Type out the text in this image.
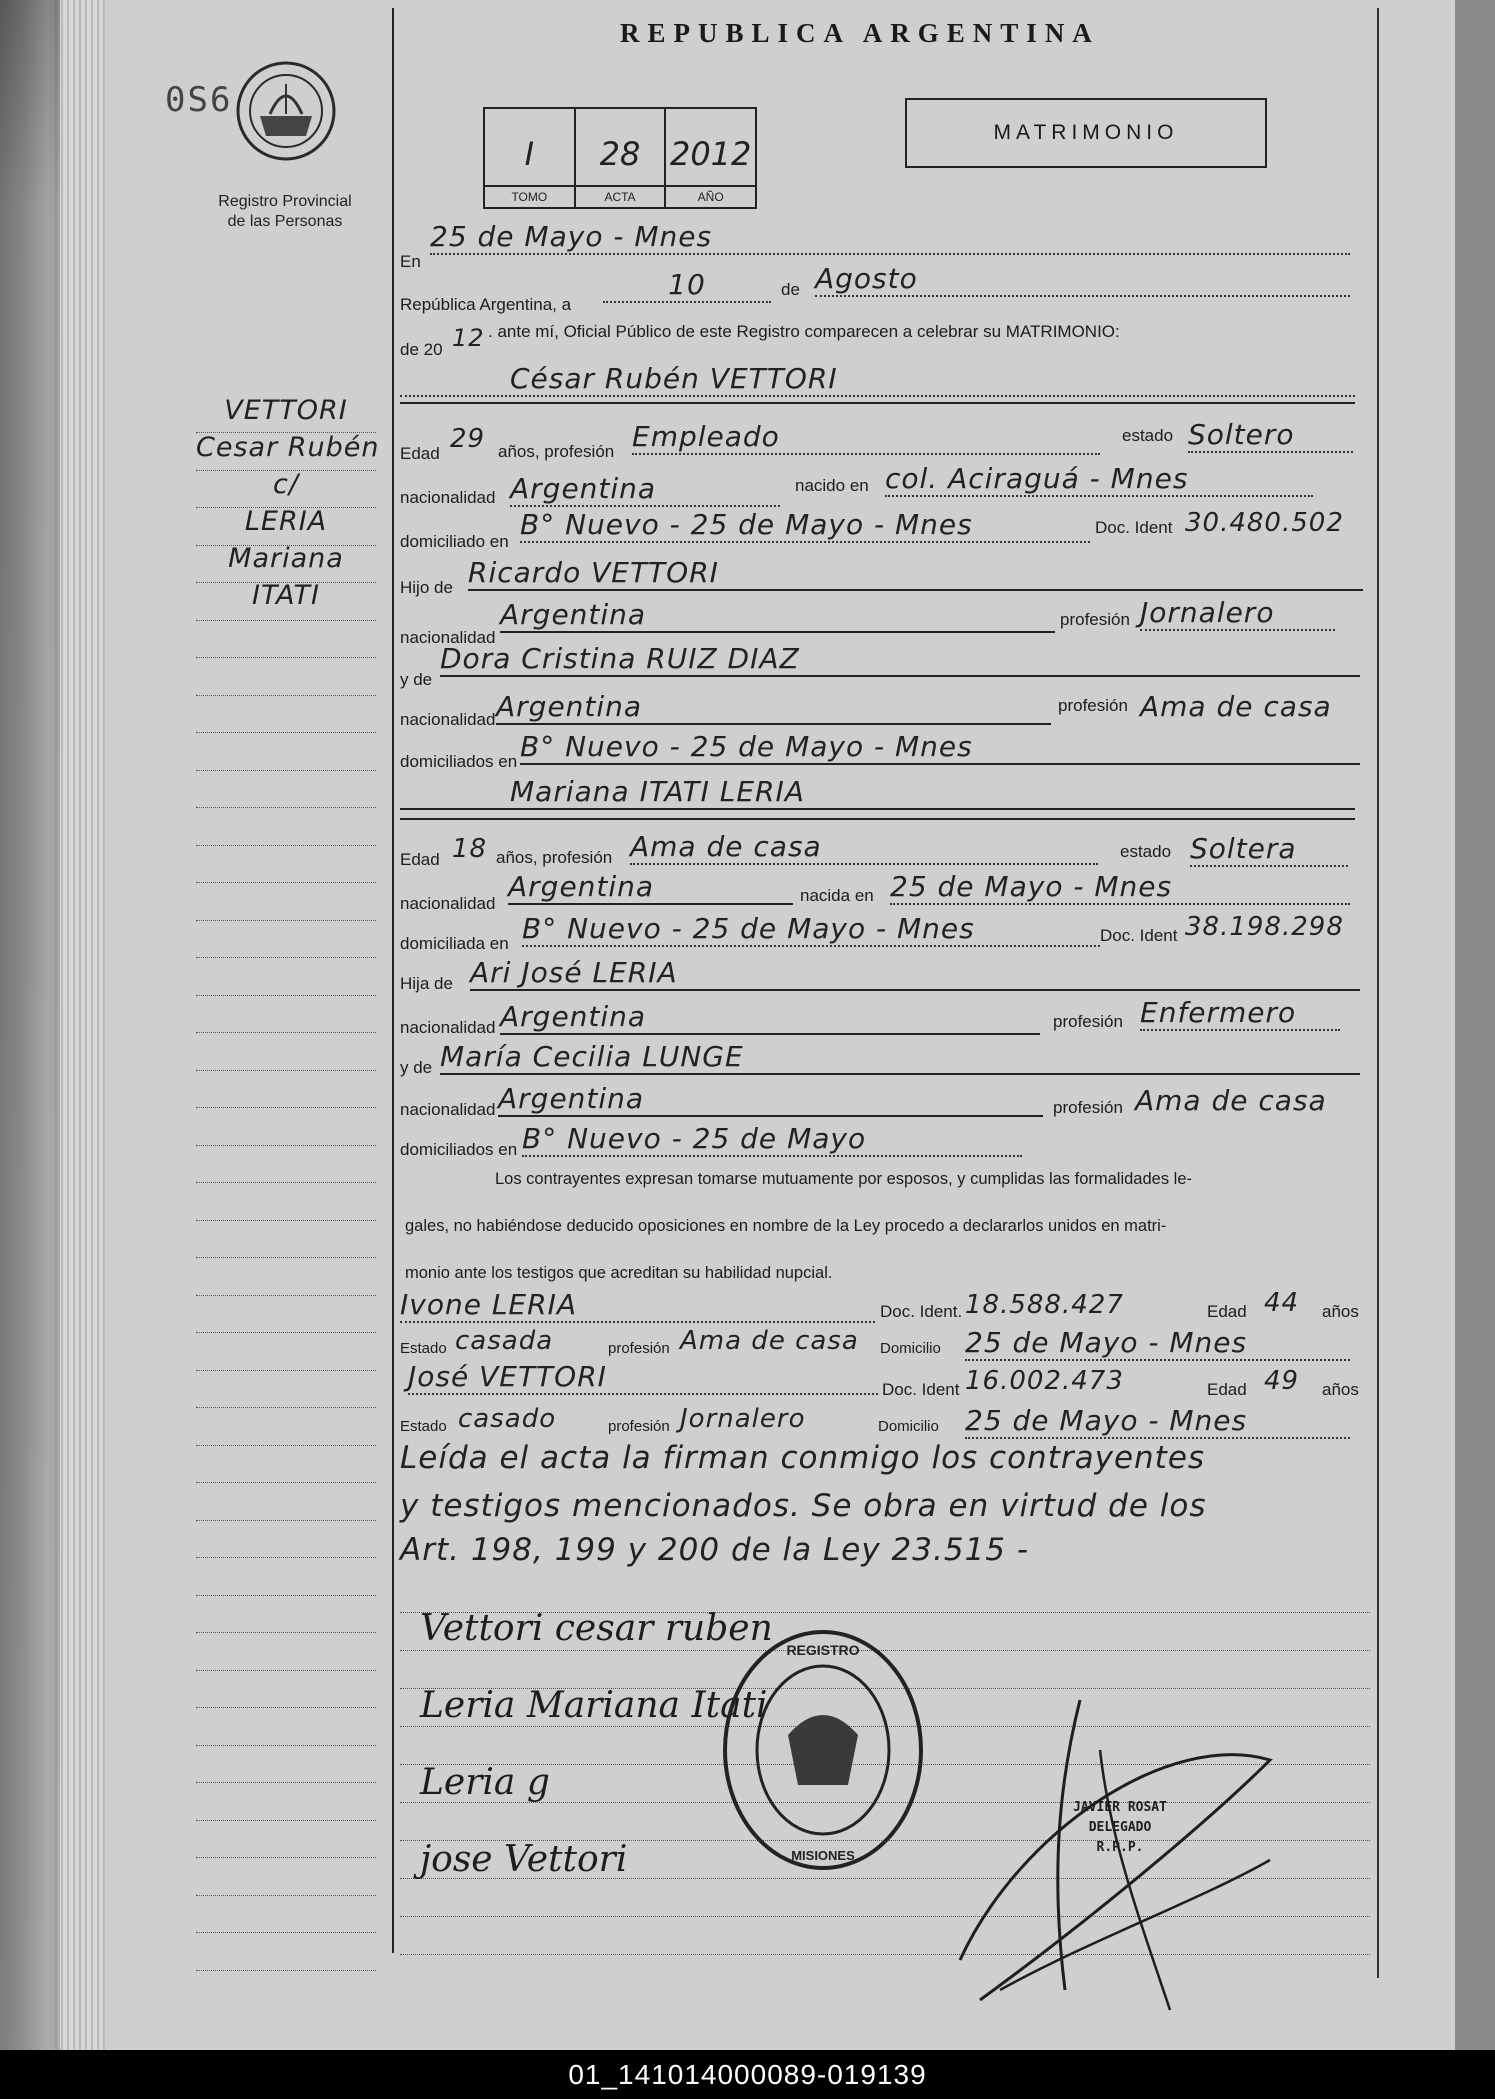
REPUBLICA ARGENTINA
0S6
Registro Provincial
de las Personas
I
TOMO
28
ACTA
2012
AÑO
MATRIMONIO
VETTORI
Cesar Rubén
c/
LERIA
Mariana
ITATI
En
25 de Mayo - Mnes
República Argentina, a
10	de Agosto
de 20 12 . ante mí, Oficial Público de este Registro comparecen a celebrar su MATRIMONIO:
César Rubén VETTORI
Edad 29 años, profesión Empleado	estado Soltero
nacionalidad Argentina	nacido en col. Aciraguá - Mnes
domiciliado en
B° Nuevo - 25 de Mayo - Mnes	Doc. Ident 30.480.502
Hijo de Ricardo VETTORI
nacionalidad
Argentina	profesión Jornalero
y de
Dora Cristina RUIZ DIAZ
nacionalidad Argentina	profesión Ama de casa
domiciliados en B° Nuevo - 25 de Mayo - Mnes
Mariana ITATI LERIA
Edad 18 años, profesión Ama de casa	estado Soltera
nacionalidad
Argentina	nacida en 25 de Mayo - Mnes
domiciliada en B° Nuevo - 25 de Mayo - Mnes	Doc. Ident 38.198.298
Hija de Ari José LERIA
nacionalidad Argentina	profesión Enfermero
y de María Cecilia LUNGE
nacionalidad Argentina	profesión Ama de casa
domiciliados en B° Nuevo - 25 de Mayo
Los contrayentes expresan tomarse mutuamente por esposos, y cumplidas las formalidades le-
gales, no habiéndose deducido oposiciones en nombre de la Ley procedo a declararlos unidos en matri-
monio ante los testigos que acreditan su habilidad nupcial.
Ivone LERIA	Doc. Ident. 18.588.427	Edad 44 años
Estado casada	profesión Ama de casa Domicilio 25 de Mayo - Mnes
José VETTORI	Doc. Ident 16.002.473	Edad 49 años
Estado casado	profesión Jornalero	Domicilio 25 de Mayo - Mnes
Leída el acta la firman conmigo los contrayentes
y testigos mencionados. Se obra en virtud de los
Art. 198, 199 y 200 de la Ley 23.515 -
Vettori cesar ruben
Leria Mariana Itati
Leria g
jose Vettori
REGISTRO
MISIONES
JAVIER ROSAT
DELEGADO
R.P.P.
01_141014000089-019139
